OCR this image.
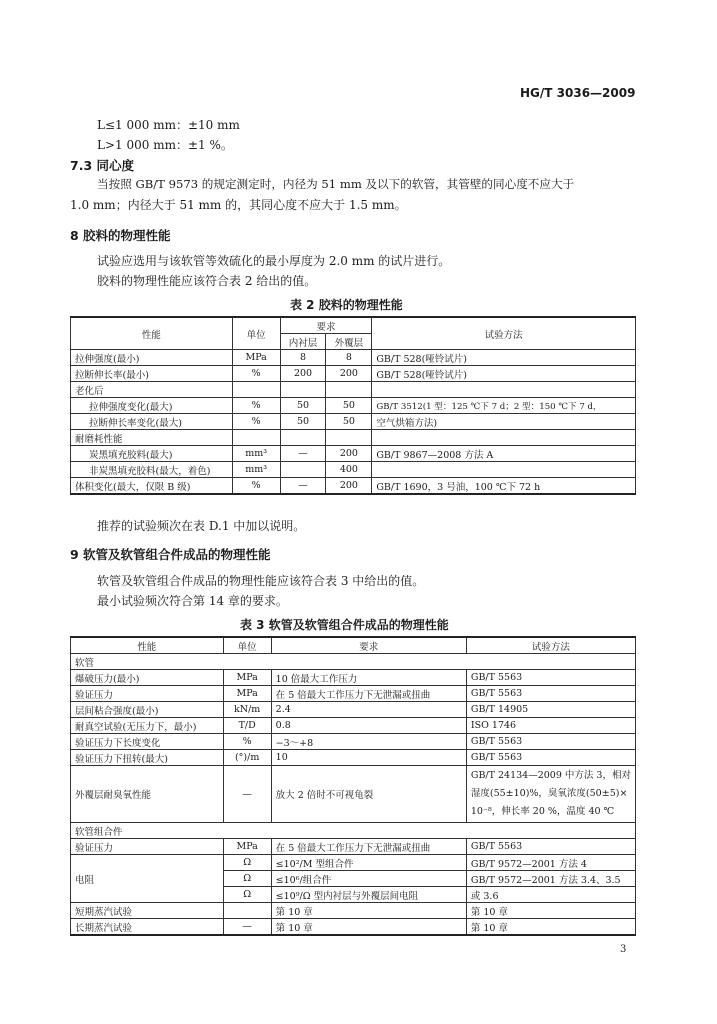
HG/T 3036—2009
L≤1 000 mm：±10 mm
L>1 000 mm：±1 %。
7.3 同心度
当按照 GB/T 9573 的规定测定时，内径为 51 mm 及以下的软管，其管壁的同心度不应大于
1.0 mm；内径大于 51 mm 的，其同心度不应大于 1.5 mm。
8 胶料的物理性能
试验应选用与该软管等效硫化的最小厚度为 2.0 mm 的试片进行。
胶料的物理性能应该符合表 2 给出的值。
表 2 胶料的物理性能
性能	单位	要求		试验方法
		内衬层	外覆层	
拉伸强度(最小)	MPa	8	8	GB/T 528(哑铃试片)
拉断伸长率(最小)	%	200	200	GB/T 528(哑铃试片)
老化后				
拉伸强度变化(最大)	%	50	50	GB/T 3512(1 型：125 ℃下 7 d；2 型：150 ℃下 7 d，
拉断伸长率变化(最大)	%	50	50	空气烘箱方法)
耐磨耗性能				
炭黑填充胶料(最大)	mm³	—	200	GB/T 9867—2008 方法 A
非炭黑填充胶料(最大，着色)	mm³		400	
体积变化(最大，仅限 B 级)	%	—	200	GB/T 1690，3 号油，100 ℃下 72 h
推荐的试验频次在表 D.1 中加以说明。
9 软管及软管组合件成品的物理性能
软管及软管组合件成品的物理性能应该符合表 3 中给出的值。
最小试验频次符合第 14 章的要求。
表 3 软管及软管组合件成品的物理性能
性能	单位	要求	试验方法
软管			
爆破压力(最小)	MPa	10 倍最大工作压力	GB/T 5563
验证压力	MPa	在 5 倍最大工作压力下无泄漏或扭曲	GB/T 5563
层间粘合强度(最小)	kN/m	2.4	GB/T 14905
耐真空试验(无压力下，最小)	T/D	0.8	ISO 1746
验证压力下长度变化	%	−3～+8	GB/T 5563
验证压力下扭转(最大)	(°)/m	10	GB/T 5563
外覆层耐臭氧性能	—	放大 2 倍时不可视龟裂	GB/T 24134—2009 中方法 3，相对
湿度(55±10)%，臭氧浓度(50±5)×
10⁻⁸，伸长率 20 %，温度 40 ℃

软管组合件			
验证压力	MPa	在 5 倍最大工作压力下无泄漏或扭曲	GB/T 5563
电阻	Ω	≤10²/M 型组合件	GB/T 9572—2001 方法 4
	Ω	≤10⁶/组合件	GB/T 9572—2001 方法 3.4、3.5
	Ω	≤10⁹/Ω 型内衬层与外覆层间电阻	或 3.6
短期蒸汽试验		第 10 章	第 10 章
长期蒸汽试验	—	第 10 章	第 10 章
3
